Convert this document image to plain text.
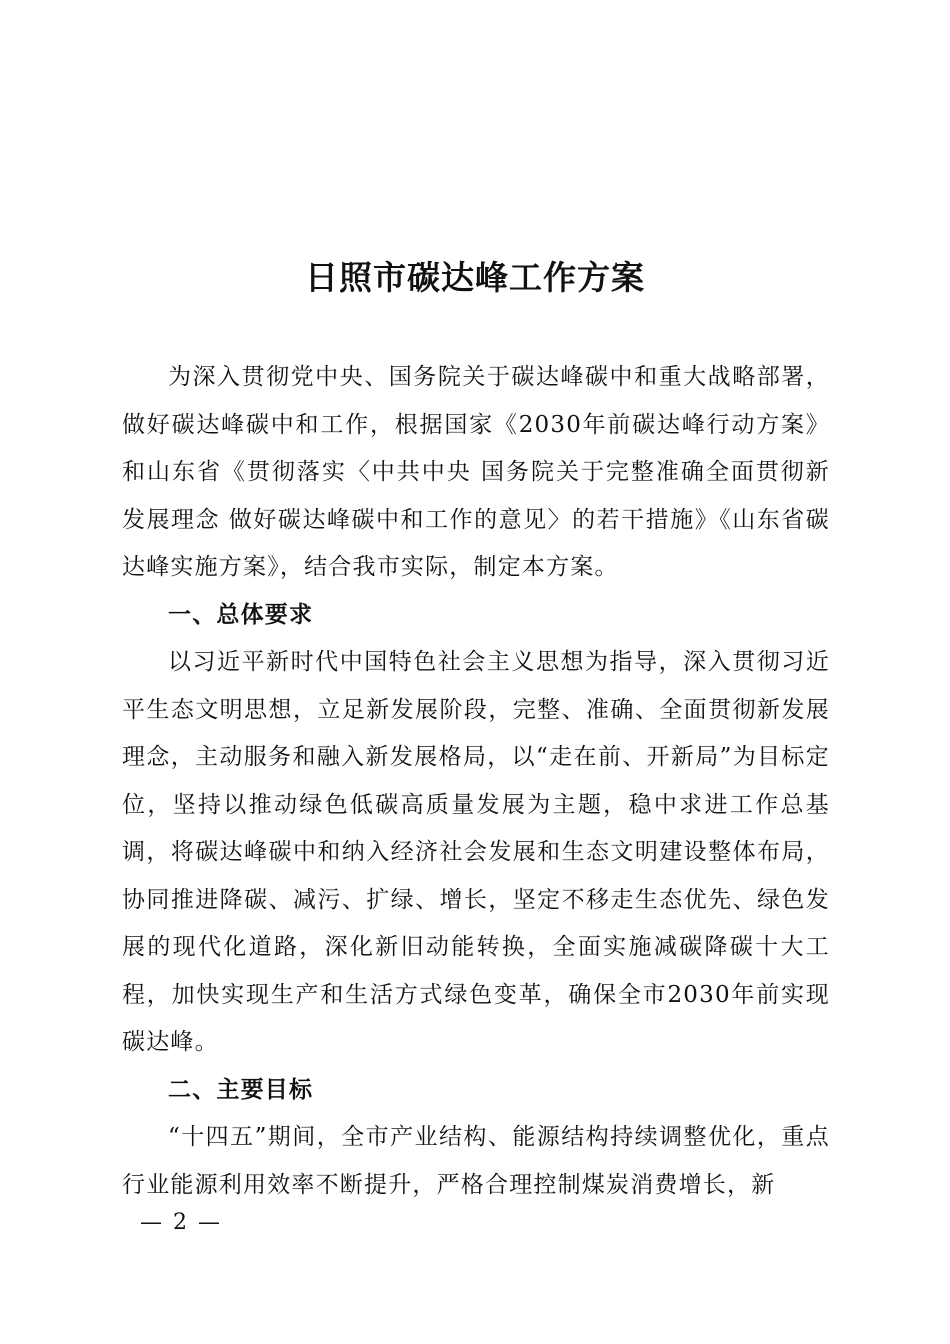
日照市碳达峰工作方案

为深入贯彻党中央、国务院关于碳达峰碳中和重大战略部署，做好碳达峰碳中和工作，根据国家《2030年前碳达峰行动方案》和山东省《贯彻落实〈中共中央 国务院关于完整准确全面贯彻新发展理念 做好碳达峰碳中和工作的意见〉的若干措施》《山东省碳达峰实施方案》，结合我市实际，制定本方案。

一、总体要求

以习近平新时代中国特色社会主义思想为指导，深入贯彻习近平生态文明思想，立足新发展阶段，完整、准确、全面贯彻新发展理念，主动服务和融入新发展格局，以“走在前、开新局”为目标定位，坚持以推动绿色低碳高质量发展为主题，稳中求进工作总基调，将碳达峰碳中和纳入经济社会发展和生态文明建设整体布局，协同推进降碳、减污、扩绿、增长，坚定不移走生态优先、绿色发展的现代化道路，深化新旧动能转换，全面实施减碳降碳十大工程，加快实现生产和生活方式绿色变革，确保全市2030年前实现碳达峰。

二、主要目标

“十四五”期间，全市产业结构、能源结构持续调整优化，重点行业能源利用效率不断提升，严格合理控制煤炭消费增长，新

— 2 —
